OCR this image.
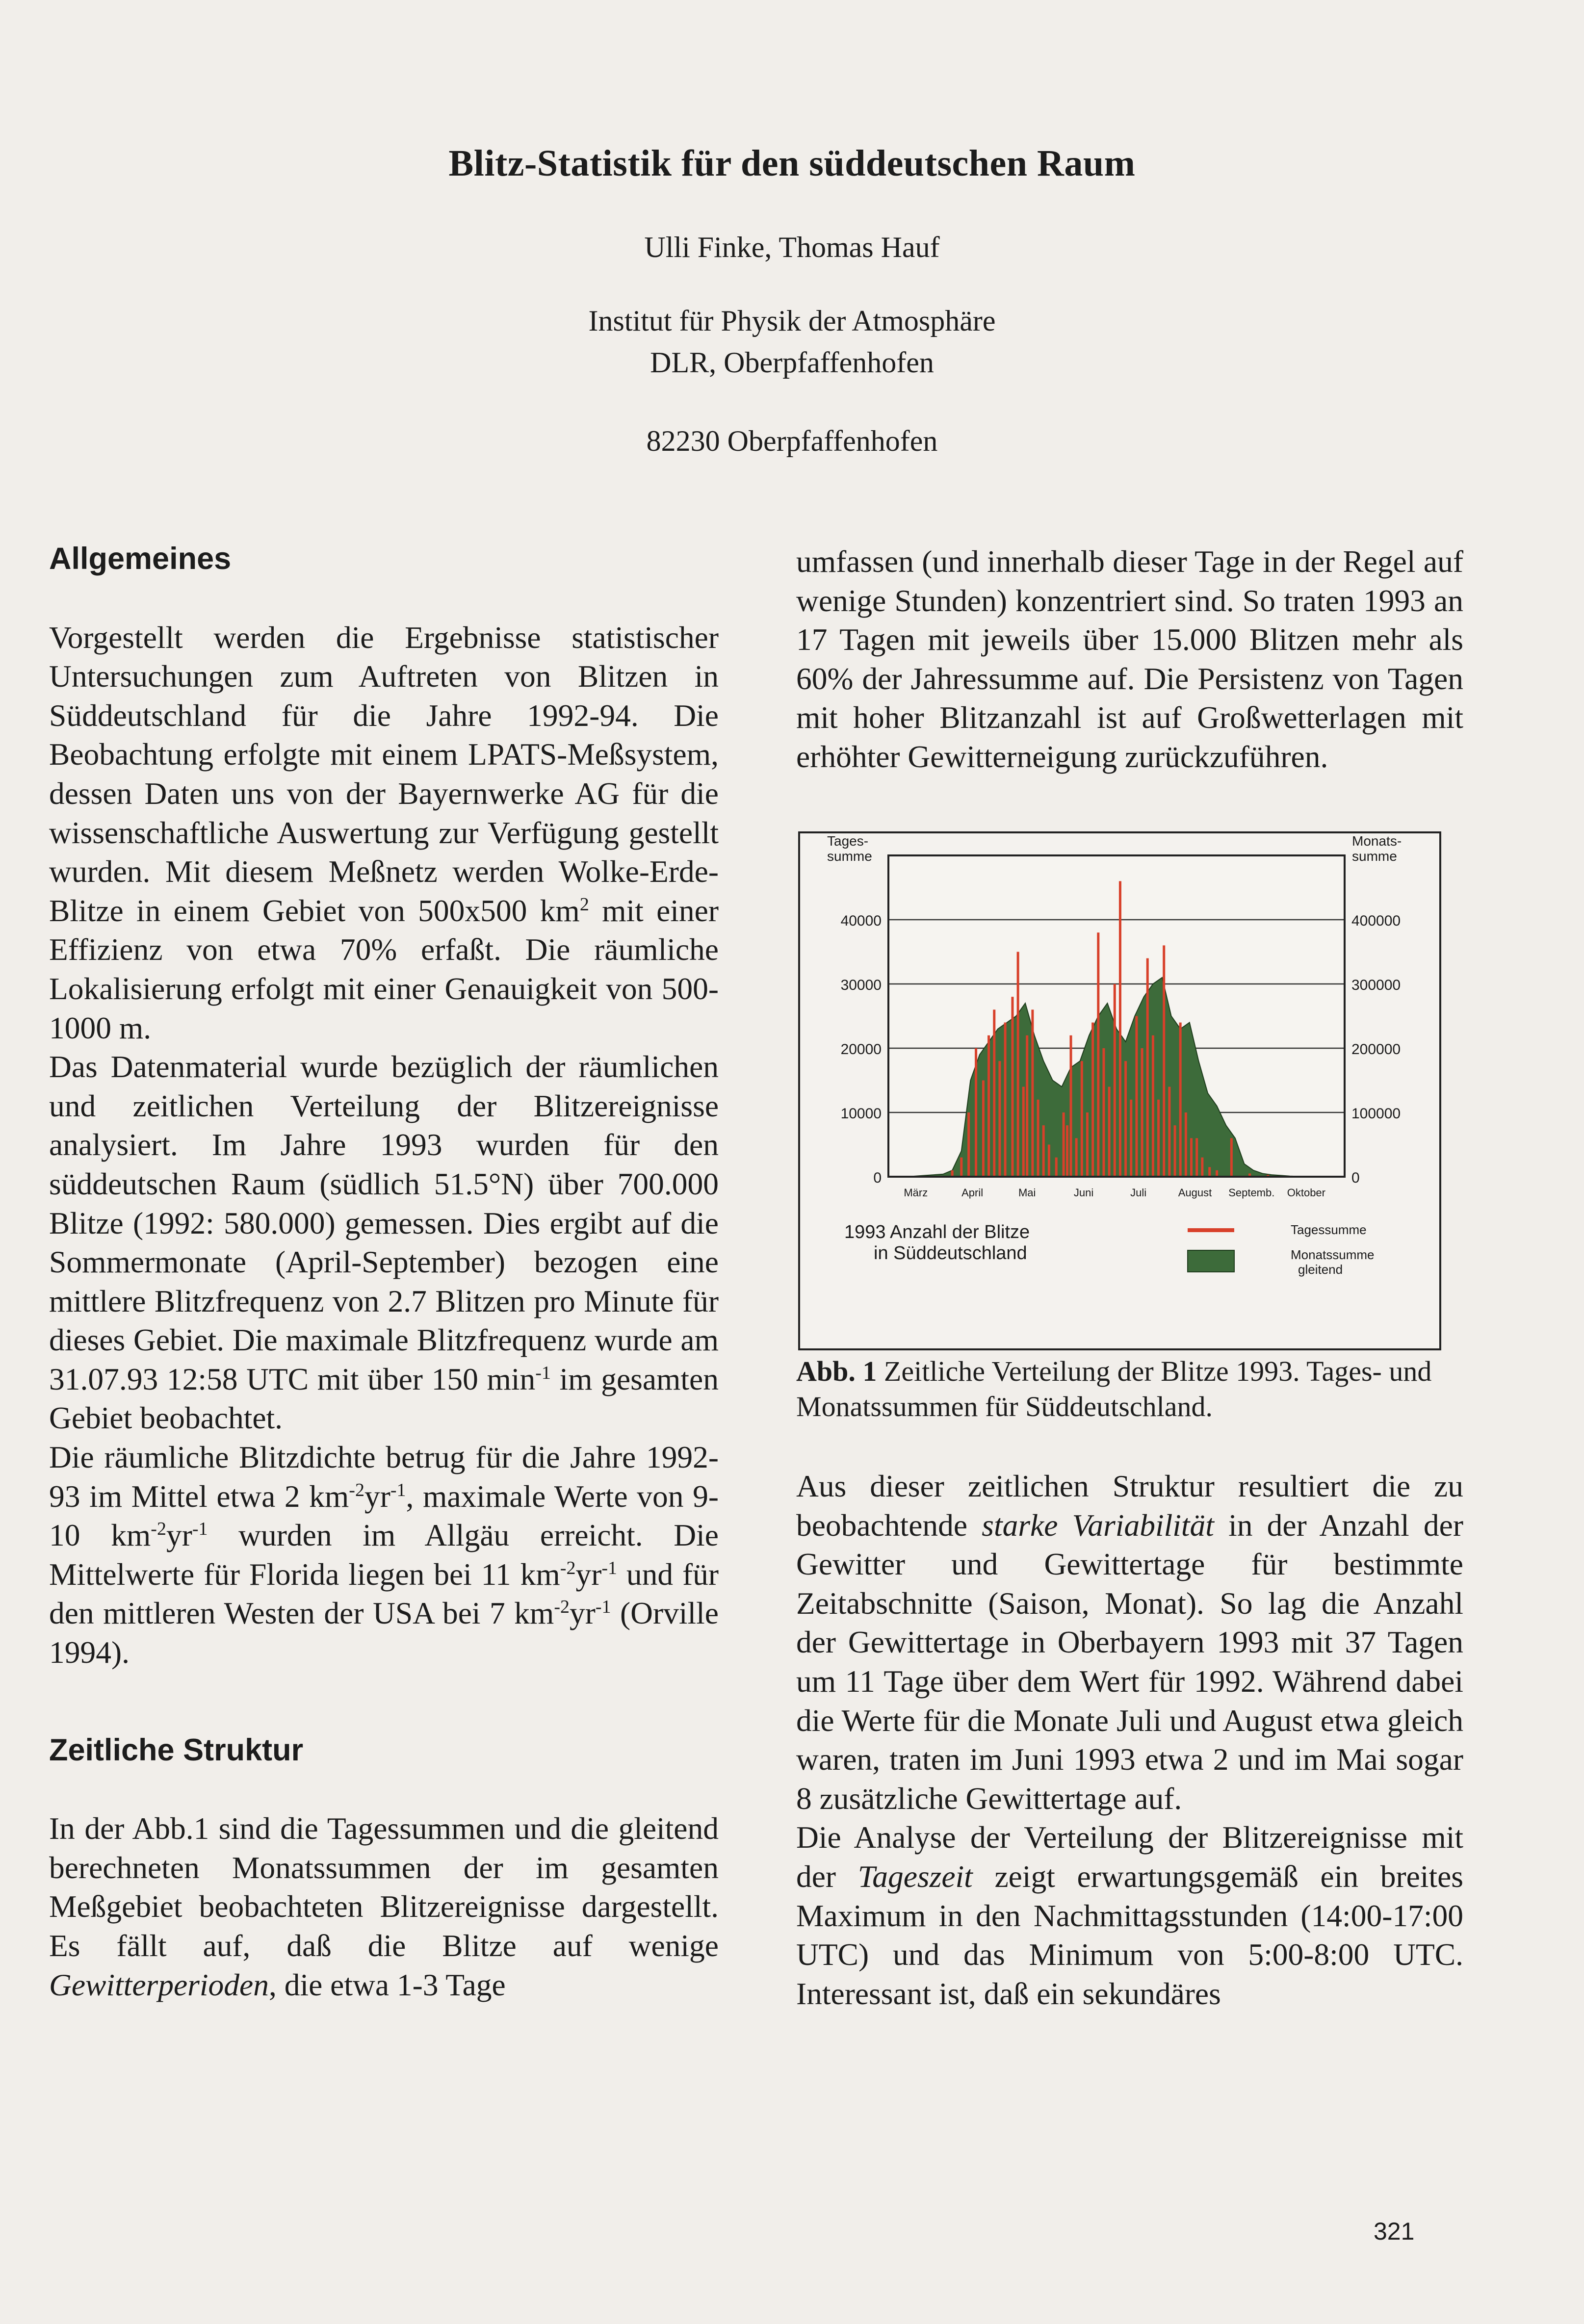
Blitz-Statistik für den süddeutschen Raum
Ulli Finke, Thomas Hauf
Institut für Physik der Atmosphäre
DLR, Oberpfaffenhofen
82230 Oberpfaffenhofen

Allgemeines

Vorgestellt werden die Ergebnisse statistischer Untersuchungen zum Auftreten von Blitzen in Süddeutschland für die Jahre 1992-94. Die Beobachtung erfolgte mit einem LPATS-Meßsystem, dessen Daten uns von der Bayernwerke AG für die wissenschaftliche Auswertung zur Verfügung gestellt wurden. Mit diesem Meßnetz werden Wolke-Erde-Blitze in einem Gebiet von 500x500 $km^2$ mit einer Effizienz von etwa 70% erfaßt. Die räumliche Lokalisierung erfolgt mit einer Genauigkeit von 500-1000 m.

Das Datenmaterial wurde bezüglich der räumlichen und zeitlichen Verteilung der Blitzereignisse analysiert. Im Jahre 1993 wurden für den süddeutschen Raum (südlich 51.5°N) über 700.000 Blitze (1992: 580.000) gemessen. Dies ergibt auf die Sommermonate (April-September) bezogen eine mittlere Blitzfrequenz von 2.7 Blitzen pro Minute für dieses Gebiet. Die maximale Blitzfrequenz wurde am 31.07.93 12:58 UTC mit über 150 $\min^{-1}$ im gesamten Gebiet beobachtet.

Die räumliche Blitzdichte betrug für die Jahre 1992-93 im Mittel etwa 2 $km^{-2}yr^{-1}$, maximale Werte von 9-10 $km^{-2}yr^{-1}$ wurden im Allgäu erreicht. Die Mittelwerte für Florida liegen bei 11 $km^{-2}yr^{-1}$ und für den mittleren Westen der USA bei 7 $km^{-2}yr^{-1}$ (Orville 1994).

Zeitliche Struktur

In der Abb.1 sind die Tagessummen und die gleitend berechneten Monatssummen der im gesamten Meßgebiet beobachteten Blitzereignisse dargestellt. Es fällt auf, daß die Blitze auf wenige Gewitterperioden, die etwa 1-3 Tage

umfassen (und innerhalb dieser Tage in der Regel auf wenige Stunden) konzentriert sind. So traten 1993 an 17 Tagen mit jeweils über 15.000 Blitzen mehr als 60% der Jahressumme auf. Die Persistenz von Tagen mit hoher Blitzanzahl ist auf Großwetterlagen mit erhöhter Gewitterneigung zurückzuführen.

0
10000
20000
30000
40000
0
100000
200000
300000
400000
Tages-
summe
Monats-
summe
März	April	Mai	Juni	Juli	August Septemb. Oktober
1993 Anzahl der Blitze
in Süddeutschland
Tagessumme
Monatssumme
gleitend
Abb. 1 Zeitliche Verteilung der Blitze 1993. Tages- und Monatssummen für Süddeutschland.

Aus dieser zeitlichen Struktur resultiert die zu beobachtende starke Variabilität in der Anzahl der Gewitter und Gewittertage für bestimmte Zeitabschnitte (Saison, Monat). So lag die Anzahl der Gewittertage in Oberbayern 1993 mit 37 Tagen um 11 Tage über dem Wert für 1992. Während dabei die Werte für die Monate Juli und August etwa gleich waren, traten im Juni 1993 etwa 2 und im Mai sogar 8 zusätzliche Gewittertage auf.

Die Analyse der Verteilung der Blitzereignisse mit der Tageszeit zeigt erwartungsgemäß ein breites Maximum in den Nachmittagsstunden (14:00-17:00 UTC) und das Minimum von 5:00-8:00 UTC. Interessant ist, daß ein sekundäres

321
